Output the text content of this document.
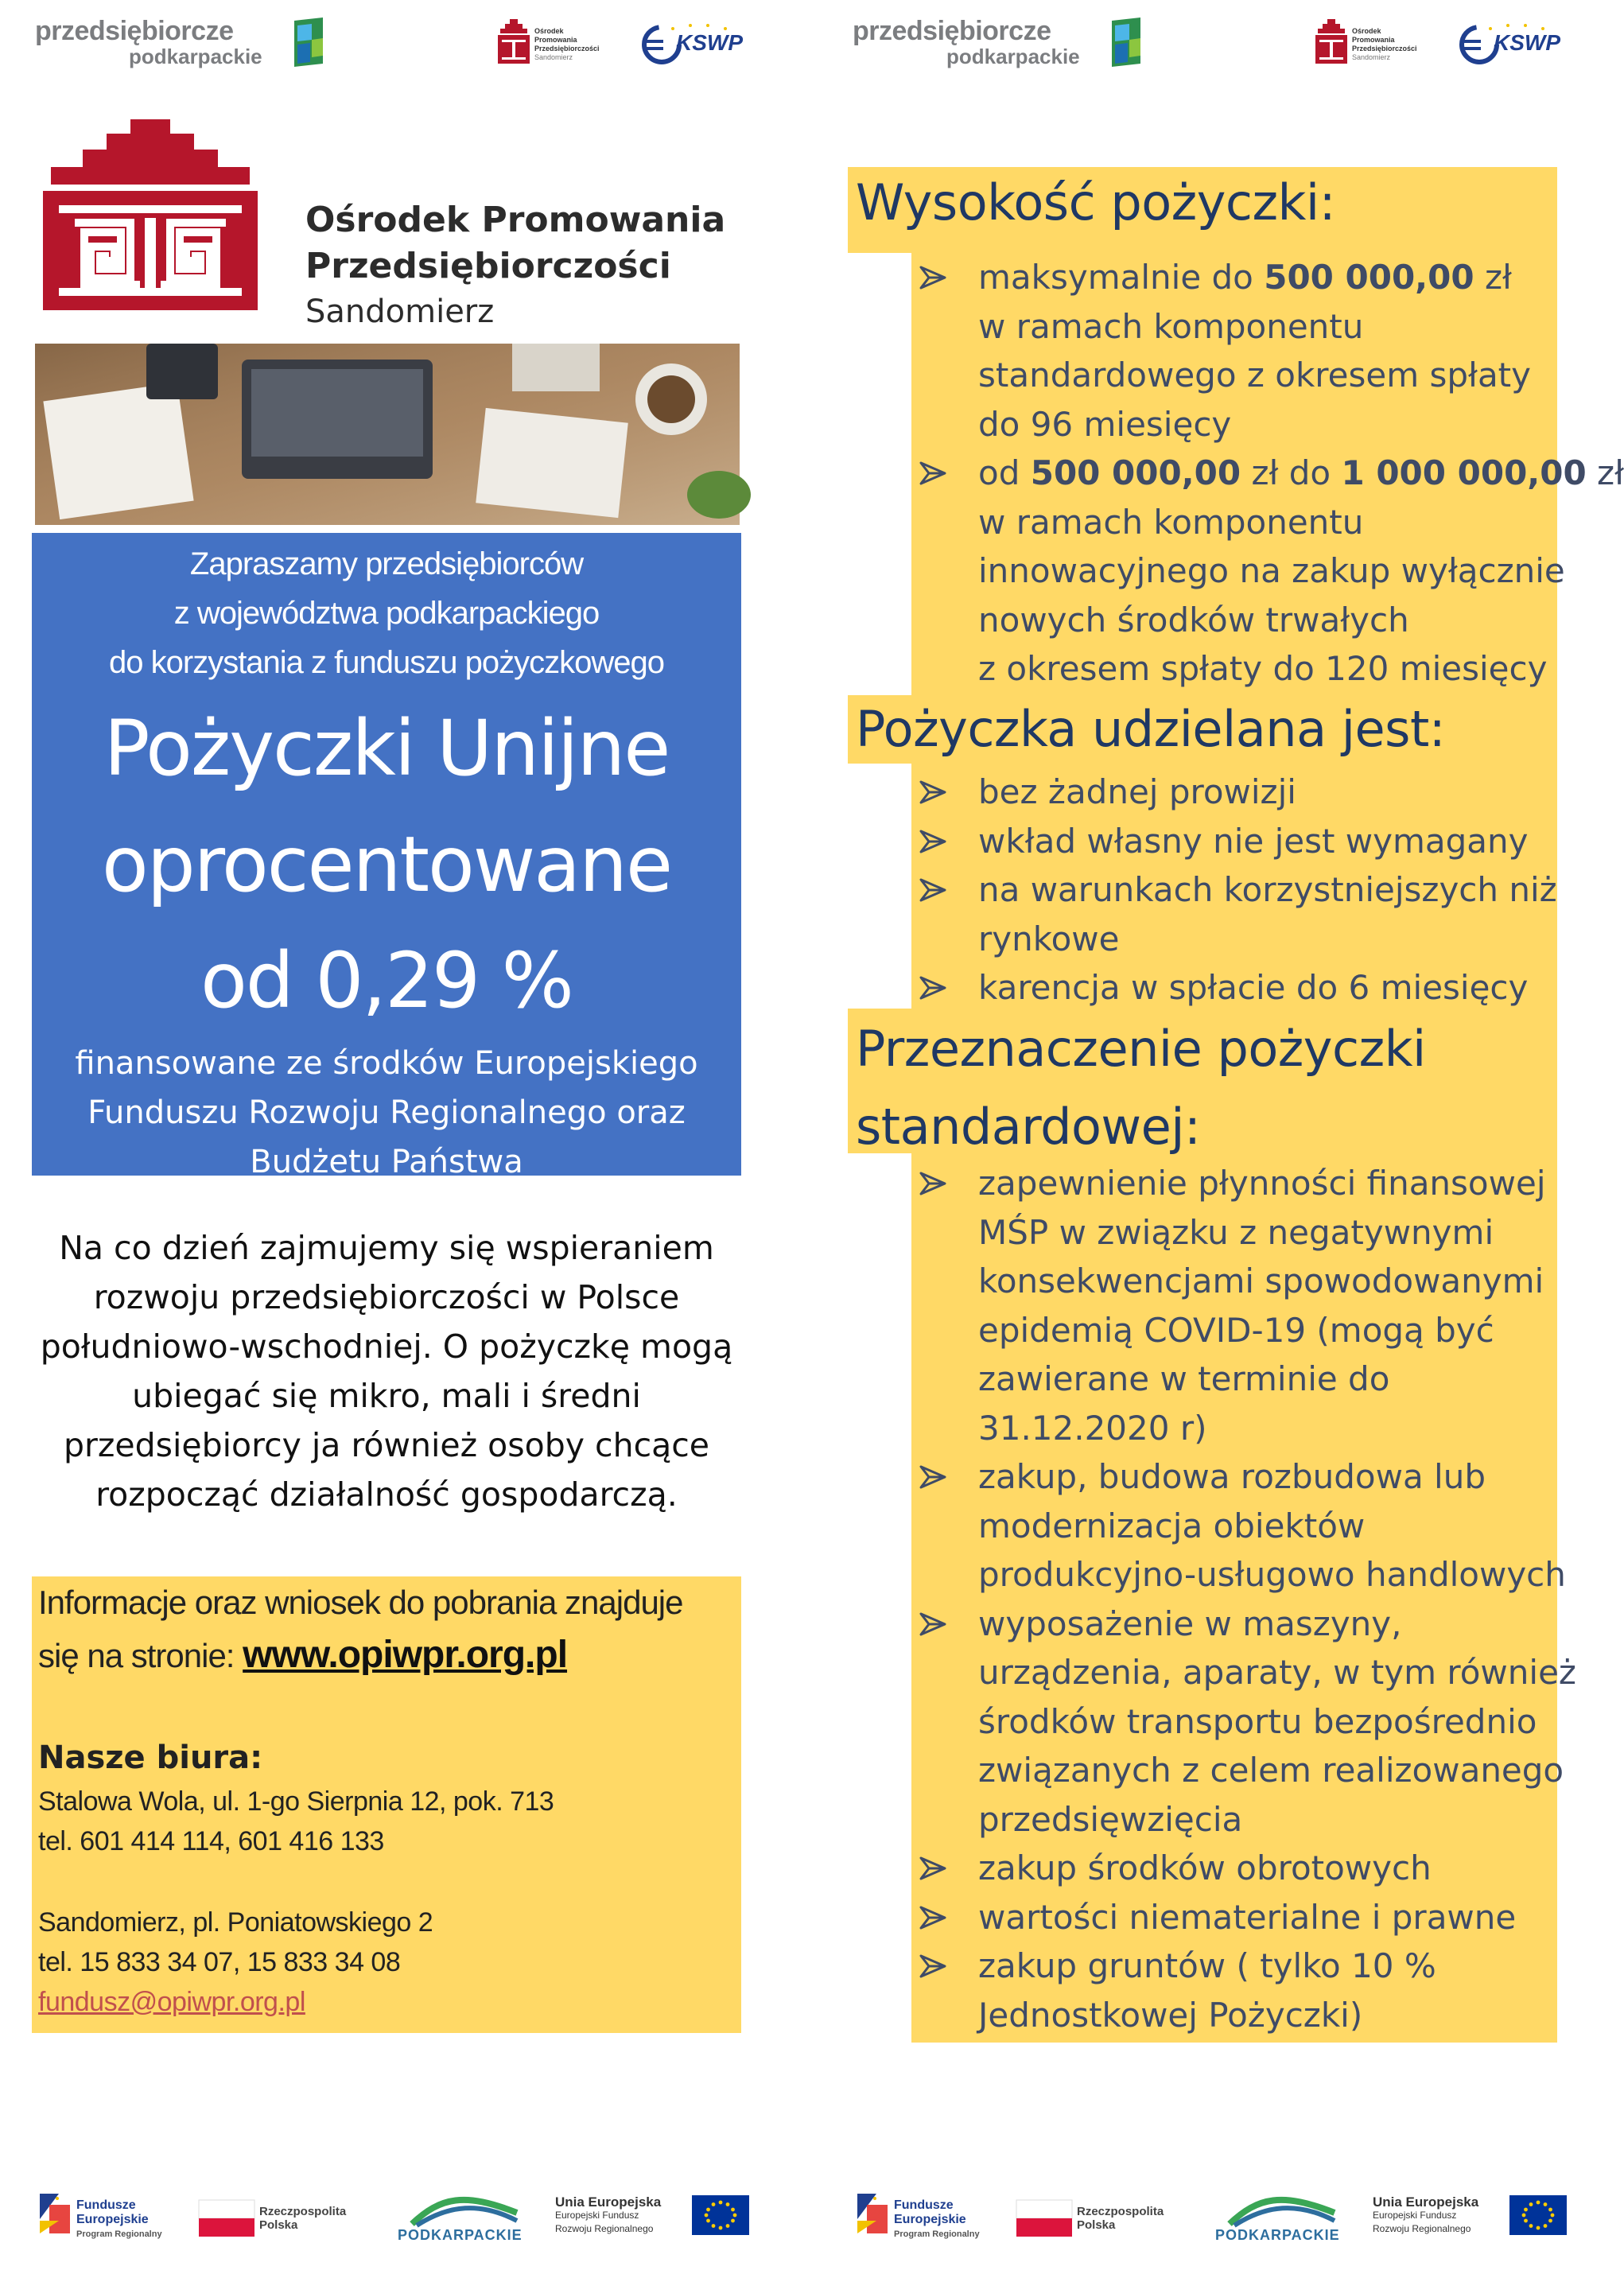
przedsiębiorcze
podkarpackie
Ośrodek Promowania
Przedsiębiorczości
Sandomierz
KSWP	przedsiębiorcze
podkarpackie
Ośrodek Promowania
Przedsiębiorczości
Sandomierz
KSWP
Ośrodek Promowania
Przedsiębiorczości
Sandomierz
Zapraszamy przedsiębiorców
z województwa podkarpackiego
do korzystania z funduszu pożyczkowego
Pożyczki Unijne
oprocentowane
od 0,29 %
finansowane ze środków Europejskiego
Funduszu Rozwoju Regionalnego oraz
Budżetu Państwa
Na co dzień zajmujemy się wspieraniem
rozwoju przedsiębiorczości w Polsce
południowo-wschodniej. O pożyczkę mogą
ubiegać się mikro, mali i średni
przedsiębiorcy ja również osoby chcące
rozpocząć działalność gospodarczą.
Informacje oraz wniosek do pobrania znajduje
się na stronie: www.opiwpr.org.pl
Nasze biura:
Stalowa Wola, ul. 1-go Sierpnia 12, pok. 713
tel. 601 414 114, 601 416 133
Sandomierz, pl. Poniatowskiego 2
tel. 15 833 34 07, 15 833 34 08
fundusz@opiwpr.org.pl
Wysokość pożyczki:
maksymalnie do 500 000,00 zł
w ramach komponentu
standardowego z okresem spłaty
do 96 miesięcy
od 500 000,00 zł do 1 000 000,00 zł
w ramach komponentu
innowacyjnego na zakup wyłącznie
nowych środków trwałych
z okresem spłaty do 120 miesięcy
Pożyczka udzielana jest:
bez żadnej prowizji
wkład własny nie jest wymagany
na warunkach korzystniejszych niż
rynkowe
karencja w spłacie do 6 miesięcy
Przeznaczenie pożyczki
standardowej:
zapewnienie płynności finansowej
MŚP w związku z negatywnymi
konsekwencjami spowodowanymi
epidemią COVID-19 (mogą być
zawierane w terminie do
31.12.2020 r)
zakup, budowa rozbudowa lub
modernizacja obiektów
produkcyjno-usługowo handlowych
wyposażenie w maszyny,
urządzenia, aparaty, w tym również
środków transportu bezpośrednio
związanych z celem realizowanego
przedsięwzięcia
zakup środków obrotowych
wartości niematerialne i prawne
zakup gruntów ( tylko 10 %
Jednostkowej Pożyczki)
Fundusze
Europejskie
Program Regionalny
Rzeczpospolita
Polska
PODKARPACKIE
Unia Europejska
Europejski Fundusz
Rozwoju Regionalnego
Fundusze
Europejskie
Program Regionalny
Rzeczpospolita
Polska
PODKARPACKIE
Unia Europejska
Europejski Fundusz
Rozwoju Regionalnego
